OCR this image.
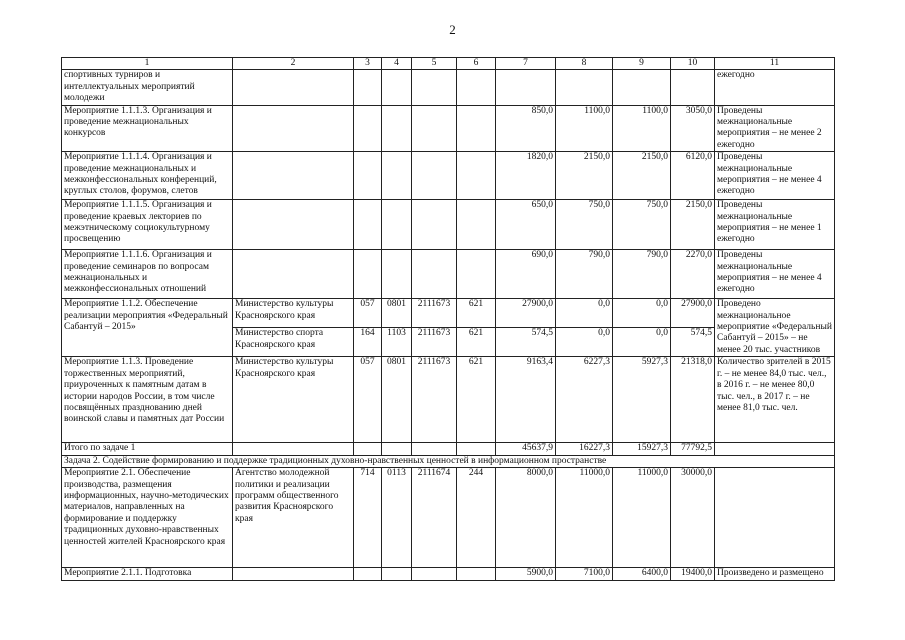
2
1	2	3	4	5	6	7	8	9	10	11
спортивных турниров и интеллектуальных мероприятий молодежи										ежегодно
Мероприятие 1.1.1.3. Организация и проведение межнациональных конкурсов						850,0	1100,0	1100,0	3050,0	Проведены межнациональные мероприятия – не менее 2 ежегодно
Мероприятие 1.1.1.4. Организация и проведение межнациональных и межконфессиональных конференций, круглых столов, форумов, слетов						1820,0	2150,0	2150,0	6120,0	Проведены межнациональные мероприятия – не менее 4 ежегодно
Мероприятие 1.1.1.5. Организация и проведение краевых лекториев по межэтническому социокультурному просвещению						650,0	750,0	750,0	2150,0	Проведены межнациональные мероприятия – не менее 1 ежегодно
Мероприятие 1.1.1.6. Организация и проведение семинаров по вопросам межнациональных и межконфессиональных отношений						690,0	790,0	790,0	2270,0	Проведены межнациональные мероприятия – не менее 4 ежегодно
Мероприятие 1.1.2. Обеспечение реализации мероприятия «Федеральный Сабантуй – 2015»	Министерство культуры Красноярского края	057	0801	2111673	621	27900,0	0,0	0,0	27900,0	Проведено межнациональное мероприятие «Федеральный Сабантуй – 2015» – не менее 20 тыс. участников
	Министерство спорта Красноярского края	164	1103	2111673	621	574,5	0,0	0,0	574,5	
Мероприятие 1.1.3. Проведение торжественных мероприятий, приуроченных к памятным датам в истории народов России, в том числе посвящённых празднованию дней воинской славы и памятных дат России	Министерство культуры Красноярского края	057	0801	2111673	621	9163,4	6227,3	5927,3	21318,0	Количество зрителей в 2015 г. – не менее 84,0 тыс. чел., в 2016 г. – не менее 80,0 тыс. чел., в 2017 г. – не менее 81,0 тыс. чел.
Итого по задаче 1						45637,9	16227,3	15927,3	77792,5	
Задача 2. Содействие формированию и поддержке традиционных духовно-нравственных ценностей в информационном пространстве										
Мероприятие 2.1. Обеспечение производства, размещения информационных, научно-методических материалов, направленных на формирование и поддержку традиционных духовно-нравственных ценностей жителей Красноярского края	Агентство молодежной политики и реализации программ общественного развития Красноярского края	714	0113	2111674	244	8000,0	11000,0	11000,0	30000,0	
Мероприятие 2.1.1. Подготовка						5900,0	7100,0	6400,0	19400,0	Произведено и размещено
